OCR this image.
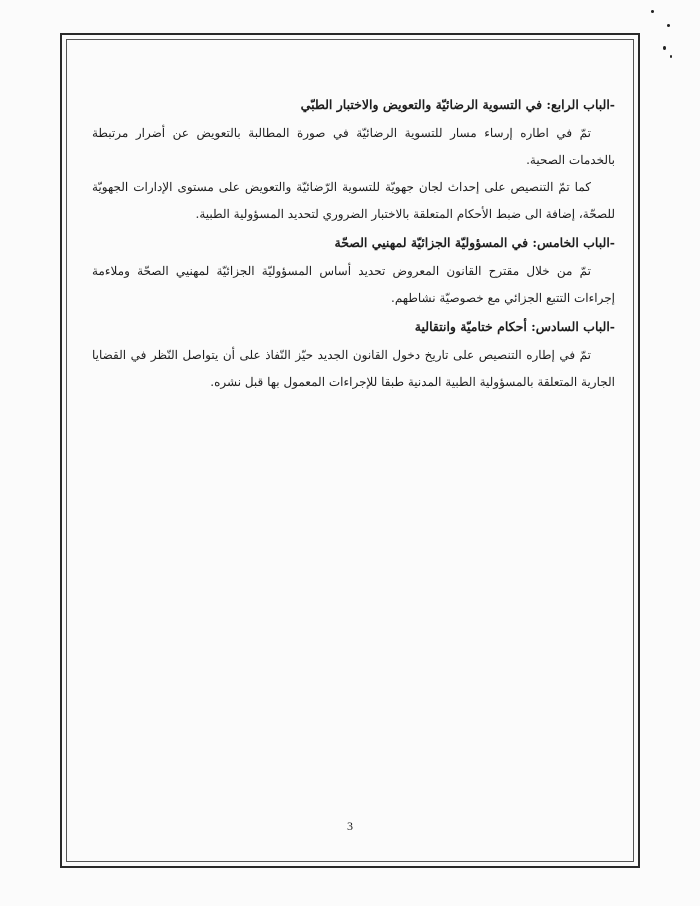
-الباب الرابع: في التسوية الرضائيّة والتعويض والاختبار الطبّي

تمّ في اطاره إرساء مسار للتسوية الرضائيّة في صورة المطالبة بالتعويض عن أضرار مرتبطة بالخدمات الصحية.

كما تمّ التنصيص على إحداث لجان جهويّة للتسوية الرّضائيّة والتعويض على مستوى الإدارات الجهويّة للصحّة، إضافة الى ضبط الأحكام المتعلقة بالاختبار الضروري لتحديد المسؤولية الطبية.

-الباب الخامس: في المسؤوليّة الجزائيّة لمهنيي الصحّة

تمّ من خلال مقترح القانون المعروض تحديد أساس المسؤوليّة الجزائيّة لمهنيي الصحّة وملاءمة إجراءات التتبع الجزائي مع خصوصيّة نشاطهم.

-الباب السادس: أحكام ختاميّة وانتقالية

تمّ في إطاره التنصيص على تاريخ دخول القانون الجديد حيّز النّفاذ على أن يتواصل النّظر في القضايا الجارية المتعلقة بالمسؤولية الطبية المدنية طبقا للإجراءات المعمول بها قبل نشره.

3
